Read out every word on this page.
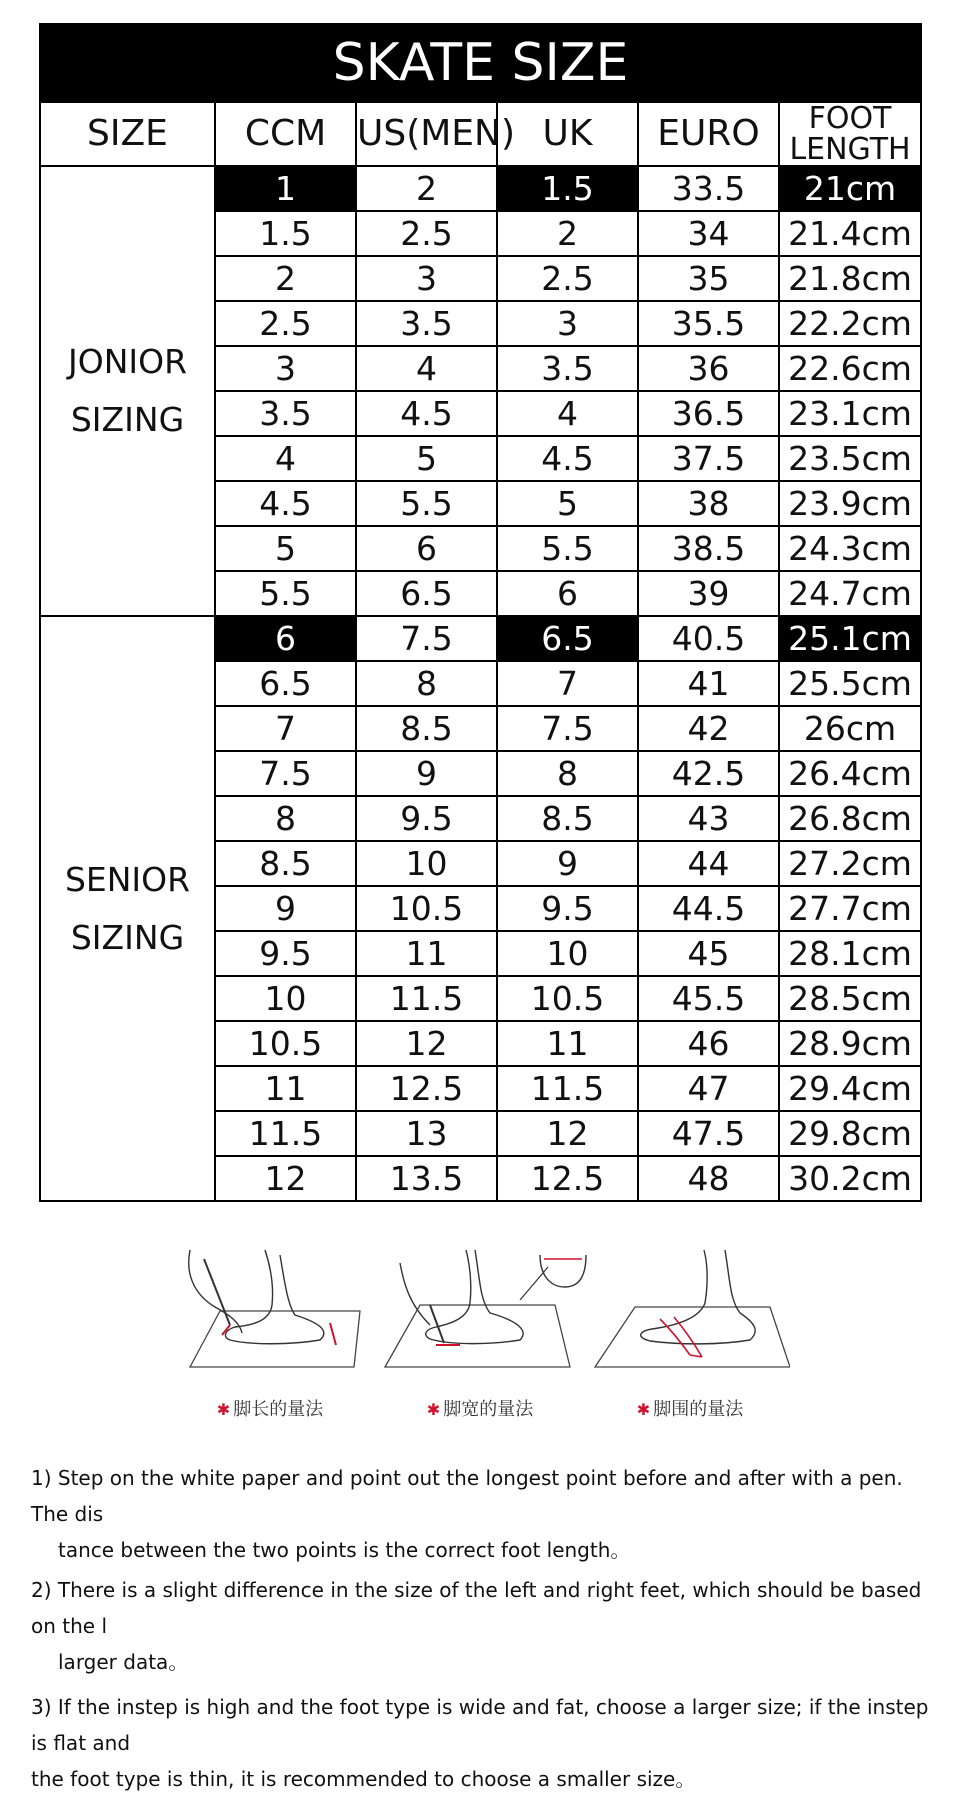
SKATE SIZE					
SIZE	CCM	US(MEN)	UK	EURO	FOOT
LENGTH
JONIOR
SIZING	1	2	1.5	33.5	21cm
	1.5	2.5	2	34	21.4cm
	2	3	2.5	35	21.8cm
	2.5	3.5	3	35.5	22.2cm
	3	4	3.5	36	22.6cm
	3.5	4.5	4	36.5	23.1cm
	4	5	4.5	37.5	23.5cm
	4.5	5.5	5	38	23.9cm
	5	6	5.5	38.5	24.3cm
	5.5	6.5	6	39	24.7cm
SENIOR
SIZING	6	7.5	6.5	40.5	25.1cm
	6.5	8	7	41	25.5cm
	7	8.5	7.5	42	26cm
	7.5	9	8	42.5	26.4cm
	8	9.5	8.5	43	26.8cm
	8.5	10	9	44	27.2cm
	9	10.5	9.5	44.5	27.7cm
	9.5	11	10	45	28.1cm
	10	11.5	10.5	45.5	28.5cm
	10.5	12	11	46	28.9cm
	11	12.5	11.5	47	29.4cm
	11.5	13	12	47.5	29.8cm
	12	13.5	12.5	48	30.2cm
✱ 脚长的量法	✱ 脚宽的量法	✱ 脚围的量法
1) Step on the white paper and point out the longest point before and after with a pen. The dis
tance between the two points is the correct foot length。
2) There is a slight difference in the size of the left and right feet, which should be based on the l
larger data。
3) If the instep is high and the foot type is wide and fat, choose a larger size; if the instep is flat and
the foot type is thin, it is recommended to choose a smaller size。
